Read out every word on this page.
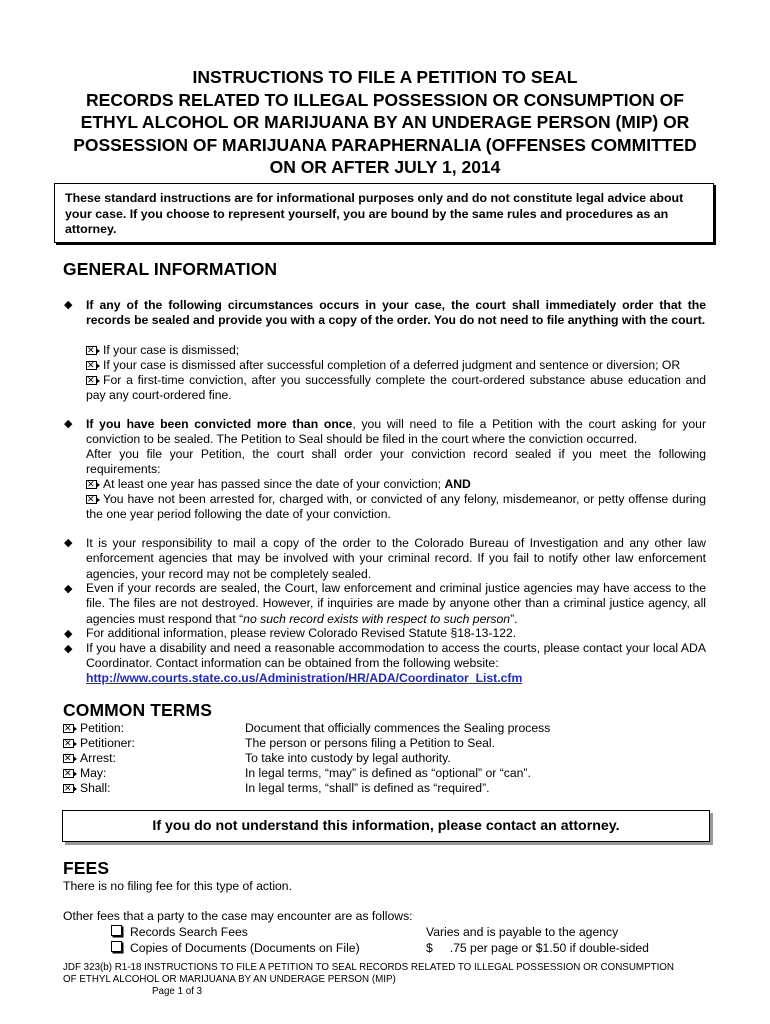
INSTRUCTIONS TO FILE A PETITION TO SEAL
RECORDS RELATED TO ILLEGAL POSSESSION OR CONSUMPTION OF
ETHYL ALCOHOL OR MARIJUANA BY AN UNDERAGE PERSON (MIP) OR
POSSESSION OF MARIJUANA PARAPHERNALIA (OFFENSES COMMITTED
ON OR AFTER JULY 1, 2014
These standard instructions are for informational purposes only and do not constitute legal advice about your case. If you choose to represent yourself, you are bound by the same rules and procedures as an attorney.
GENERAL INFORMATION
◆ If any of the following circumstances occurs in your case, the court shall immediately order that the records be sealed and provide you with a copy of the order. You do not need to file anything with the court.
✕If your case is dismissed;
✕If your case is dismissed after successful completion of a deferred judgment and sentence or diversion; OR
✕For a first-time conviction, after you successfully complete the court-ordered substance abuse education and pay any court-ordered fine.
◆ If you have been convicted more than once, you will need to file a Petition with the court asking for your conviction to be sealed. The Petition to Seal should be filed in the court where the conviction occurred.
After you file your Petition, the court shall order your conviction record sealed if you meet the following requirements:
✕At least one year has passed since the date of your conviction; AND
✕You have not been arrested for, charged with, or convicted of any felony, misdemeanor, or petty offense during the one year period following the date of your conviction.
◆ It is your responsibility to mail a copy of the order to the Colorado Bureau of Investigation and any other law enforcement agencies that may be involved with your criminal record. If you fail to notify other law enforcement agencies, your record may not be completely sealed.
◆ Even if your records are sealed, the Court, law enforcement and criminal justice agencies may have access to the file. The files are not destroyed. However, if inquiries are made by anyone other than a criminal justice agency, all agencies must respond that “no such record exists with respect to such person”.
◆ For additional information, please review Colorado Revised Statute §18-13-122.
◆ If you have a disability and need a reasonable accommodation to access the courts, please contact your local ADA Coordinator. Contact information can be obtained from the following website:
http://www.courts.state.co.us/Administration/HR/ADA/Coordinator_List.cfm
COMMON TERMS
✕Petition:	Document that officially commences the Sealing process
✕Petitioner:	The person or persons filing a Petition to Seal.
✕Arrest:	To take into custody by legal authority.
✕May:	In legal terms, “may” is defined as “optional” or “can”.
✕Shall:	In legal terms, “shall” is defined as “required”.
If you do not understand this information, please contact an attorney.
FEES
There is no filing fee for this type of action.
Other fees that a party to the case may encounter are as follows:
Records Search Fees	Varies and is payable to the agency
Copies of Documents (Documents on File)	$     .75 per page or $1.50 if double-sided
JDF 323(b) R1-18 INSTRUCTIONS TO FILE A PETITION TO SEAL RECORDS RELATED TO ILLEGAL POSSESSION OR CONSUMPTION
OF ETHYL ALCOHOL OR MARIJUANA BY AN UNDERAGE PERSON (MIP)
Page 1 of 3
